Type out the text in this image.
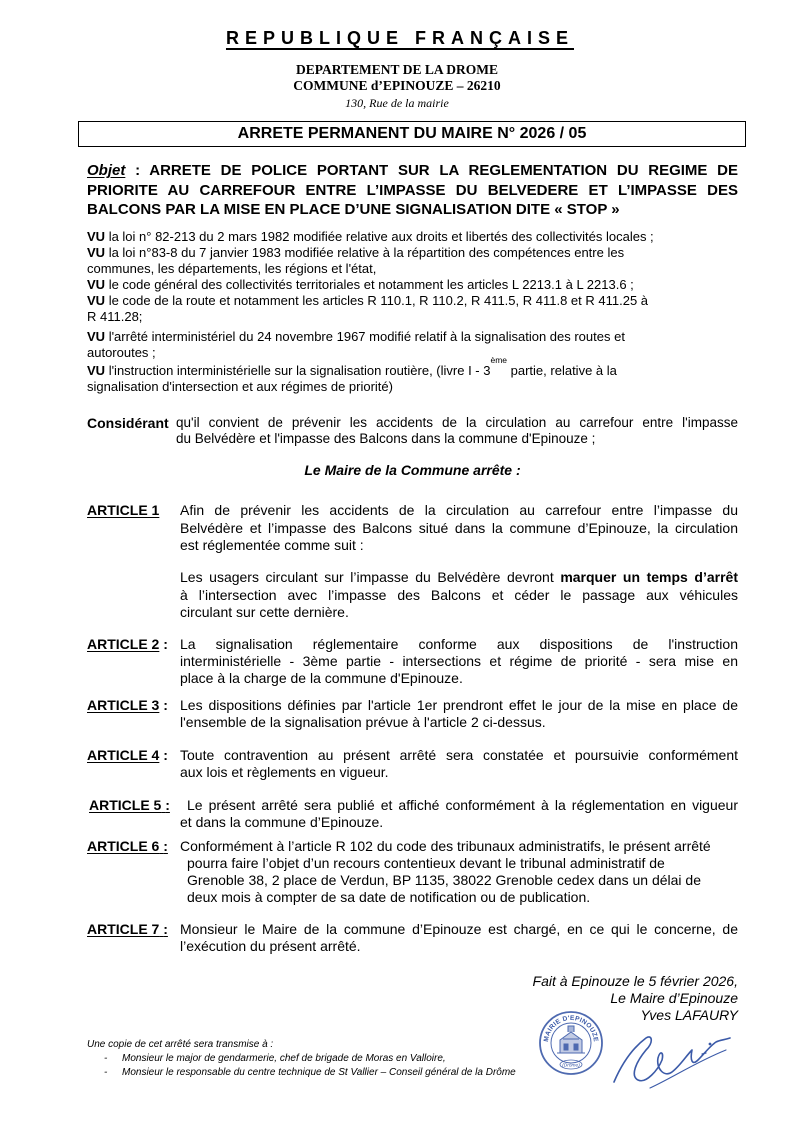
REPUBLIQUE FRANÇAISE
DEPARTEMENT DE LA DROME
COMMUNE d’EPINOUZE – 26210
130, Rue de la mairie
ARRETE PERMANENT DU MAIRE N° 2026 / 05
Objet : ARRETE DE POLICE PORTANT SUR LA REGLEMENTATION DU REGIME DE
PRIORITE AU CARREFOUR ENTRE L’IMPASSE DU BELVEDERE ET L’IMPASSE DES
BALCONS PAR LA MISE EN PLACE D’UNE SIGNALISATION DITE « STOP »
VU la loi n° 82-213 du 2 mars 1982 modifiée relative aux droits et libertés des collectivités locales ;
VU la loi n°83-8 du 7 janvier 1983 modifiée relative à la répartition des compétences entre les
communes, les départements, les régions et l'état,
VU le code général des collectivités territoriales et notamment les articles L 2213.1 à L 2213.6 ;
VU le code de la route et notamment les articles R 110.1, R 110.2, R 411.5, R 411.8 et R 411.25 à
R 411.28;
VU l'arrêté interministériel du 24 novembre 1967 modifié relatif à la signalisation des routes et
autoroutes ;
VU l'instruction interministérielle sur la signalisation routière, (livre I - 3ème partie, relative à la
signalisation d'intersection et aux régimes de priorité)
Considérant qu'il convient de prévenir les accidents de la circulation au carrefour entre l'impasse
du Belvédère et l'impasse des Balcons dans la commune d'Epinouze ;
Le Maire de la Commune arrête :
ARTICLE 1 Afin de prévenir les accidents de la circulation au carrefour entre l’impasse du
Belvédère et l’impasse des Balcons situé dans la commune d’Epinouze, la circulation
est réglementée comme suit :
Les usagers circulant sur l’impasse du Belvédère devront marquer un temps d’arrêt
à l’intersection avec l’impasse des Balcons et céder le passage aux véhicules
circulant sur cette dernière.
ARTICLE 2 : La signalisation réglementaire conforme aux dispositions de l'instruction
interministérielle - 3ème partie - intersections et régime de priorité - sera mise en
place à la charge de la commune d'Epinouze.
ARTICLE 3 : Les dispositions définies par l'article 1er prendront effet le jour de la mise en place de
l'ensemble de la signalisation prévue à l'article 2 ci-dessus.
ARTICLE 4 : Toute contravention au présent arrêté sera constatée et poursuivie conformément
aux lois et règlements en vigueur.
ARTICLE 5 :	Le présent arrêté sera publié et affiché conformément à la réglementation en vigueur
et dans la commune d’Epinouze.
ARTICLE 6 : Conformément à l’article R 102 du code des tribunaux administratifs, le présent arrêté
pourra faire l’objet d’un recours contentieux devant le tribunal administratif de
Grenoble 38, 2 place de Verdun, BP 1135, 38022 Grenoble cedex dans un délai de
deux mois à compter de sa date de notification ou de publication.
ARTICLE 7 : Monsieur le Maire de la commune d’Epinouze est chargé, en ce qui le concerne, de
l’exécution du présent arrêté.
Fait à Epinouze le 5 février 2026,
Le Maire d’Epinouze
Yves LAFAURY
Une copie de cet arrêté sera transmise à :
- Monsieur le major de gendarmerie, chef de brigade de Moras en Valloire,
- Monsieur le responsable du centre technique de St Vallier – Conseil général de la Drôme
MAIRIE D'EPINOUZE
(Drôme)
